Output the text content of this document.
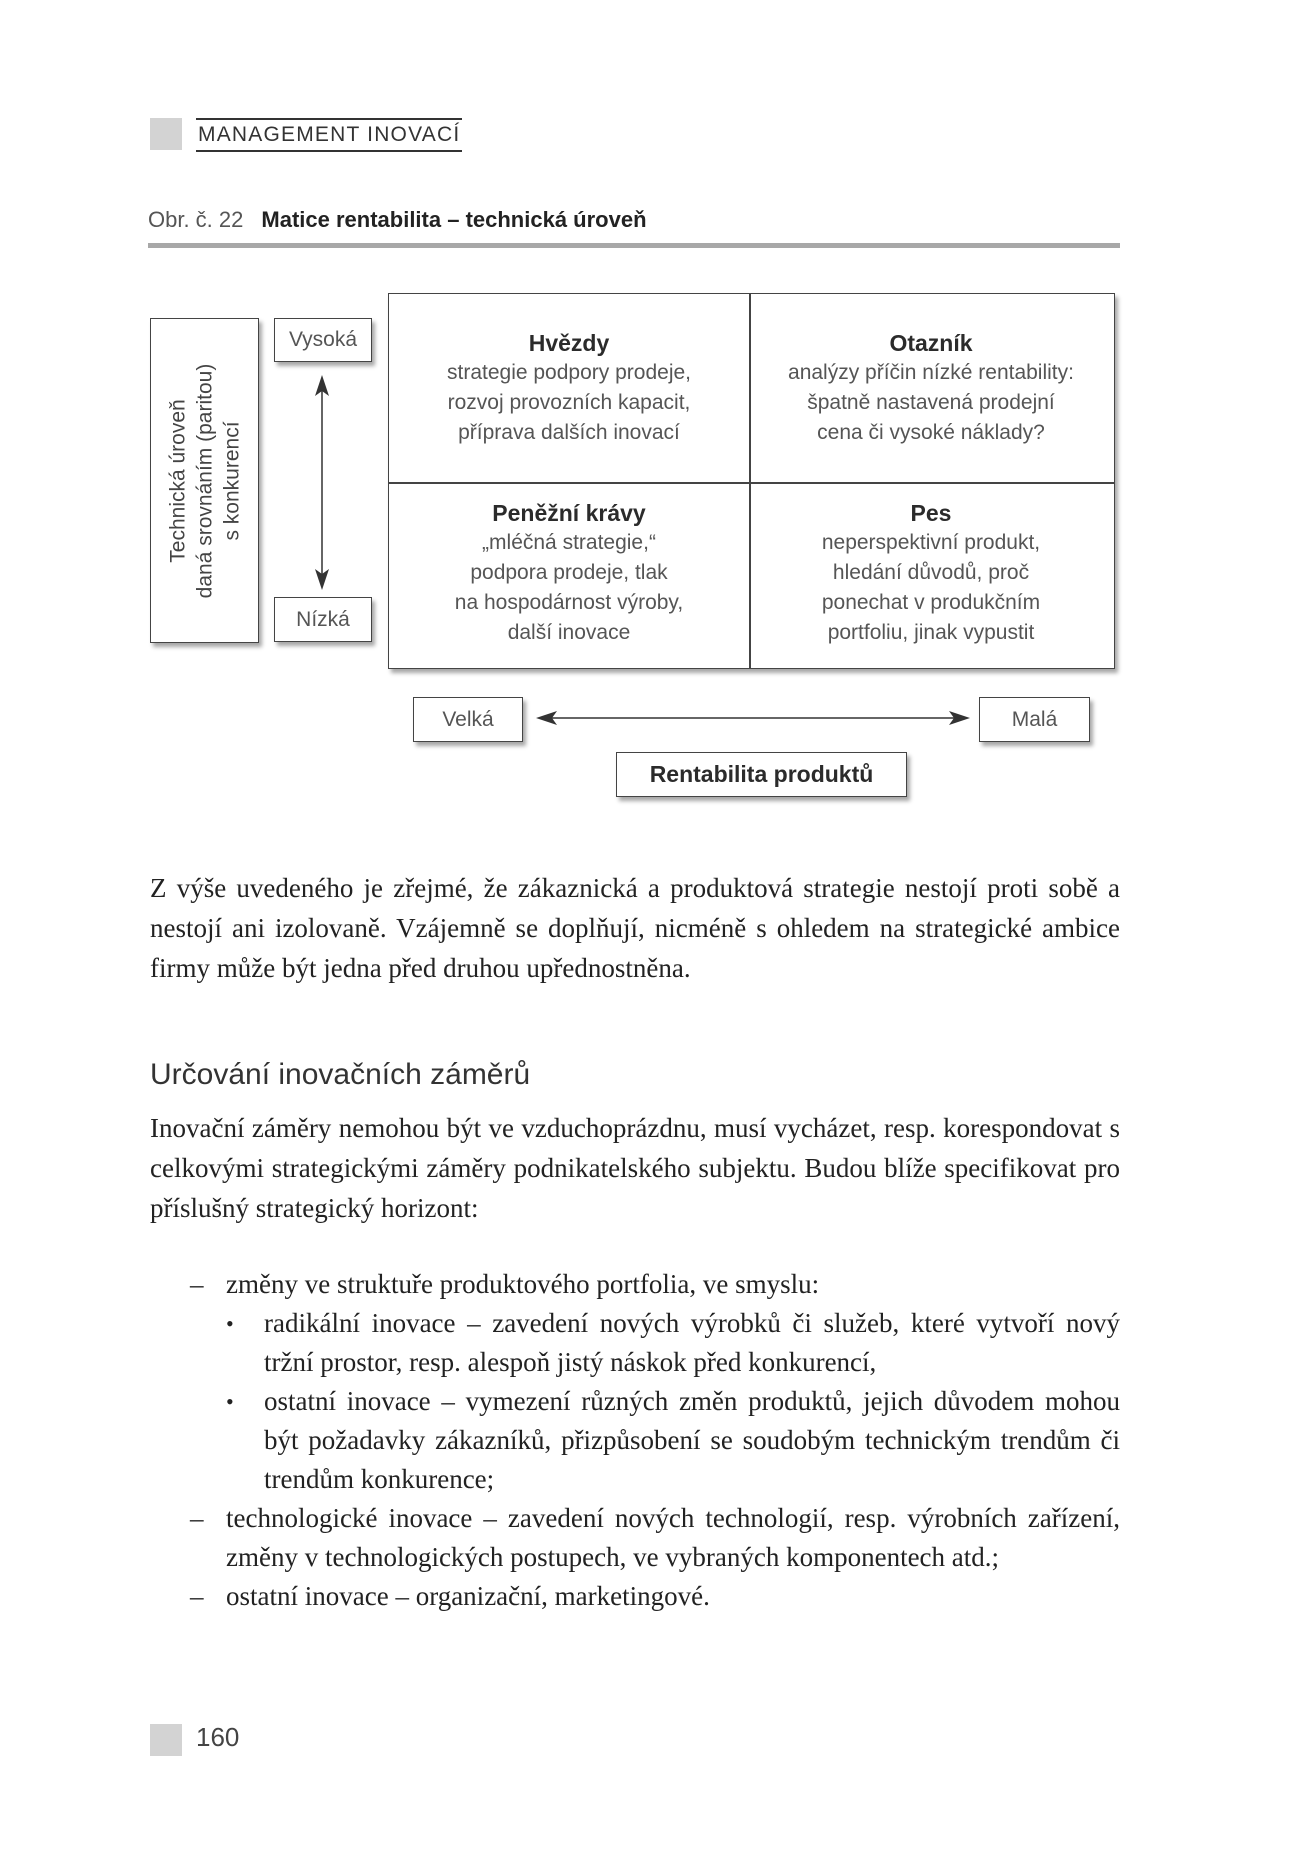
MANAGEMENT INOVACÍ
Obr. č. 22 Matice rentabilita – technická úroveň
Technická úroveň daná srovnáním (paritou) s konkurencí
Vysoká
Nízká
Hvězdy
strategie podpory prodeje,
rozvoj provozních kapacit,
příprava dalších inovací
Otazník
analýzy příčin nízké rentability:
špatně nastavená prodejní
cena či vysoké náklady?
Peněžní krávy
„mléčná strategie,“
podpora prodeje, tlak
na hospodárnost výroby,
další inovace
Pes
neperspektivní produkt,
hledání důvodů, proč
ponechat v produkčním
portfoliu, jinak vypustit
Velká	Malá
Rentabilita produktů
Z výše uvedeného je zřejmé, že zákaznická a produktová strategie nestojí proti sobě a nestojí ani izolovaně. Vzájemně se doplňují, nicméně s ohledem na strategické ambice firmy může být jedna před druhou upřednostněna.
Určování inovačních záměrů
Inovační záměry nemohou být ve vzduchoprázdnu, musí vycházet, resp. korespondovat s celkovými strategickými záměry podnikatelského subjektu. Budou blíže specifikovat pro příslušný strategický horizont:
– změny ve struktuře produktového portfolia, ve smyslu:
• radikální inovace – zavedení nových výrobků či služeb, které vytvoří nový tržní prostor, resp. alespoň jistý náskok před konkurencí,
• ostatní inovace – vymezení různých změn produktů, jejich důvodem mohou být požadavky zákazníků, přizpůsobení se soudobým technickým trendům či trendům konkurence;
– technologické inovace – zavedení nových technologií, resp. výrobních zařízení, změny v technologických postupech, ve vybraných komponentech atd.;
– ostatní inovace – organizační, marketingové.
160
